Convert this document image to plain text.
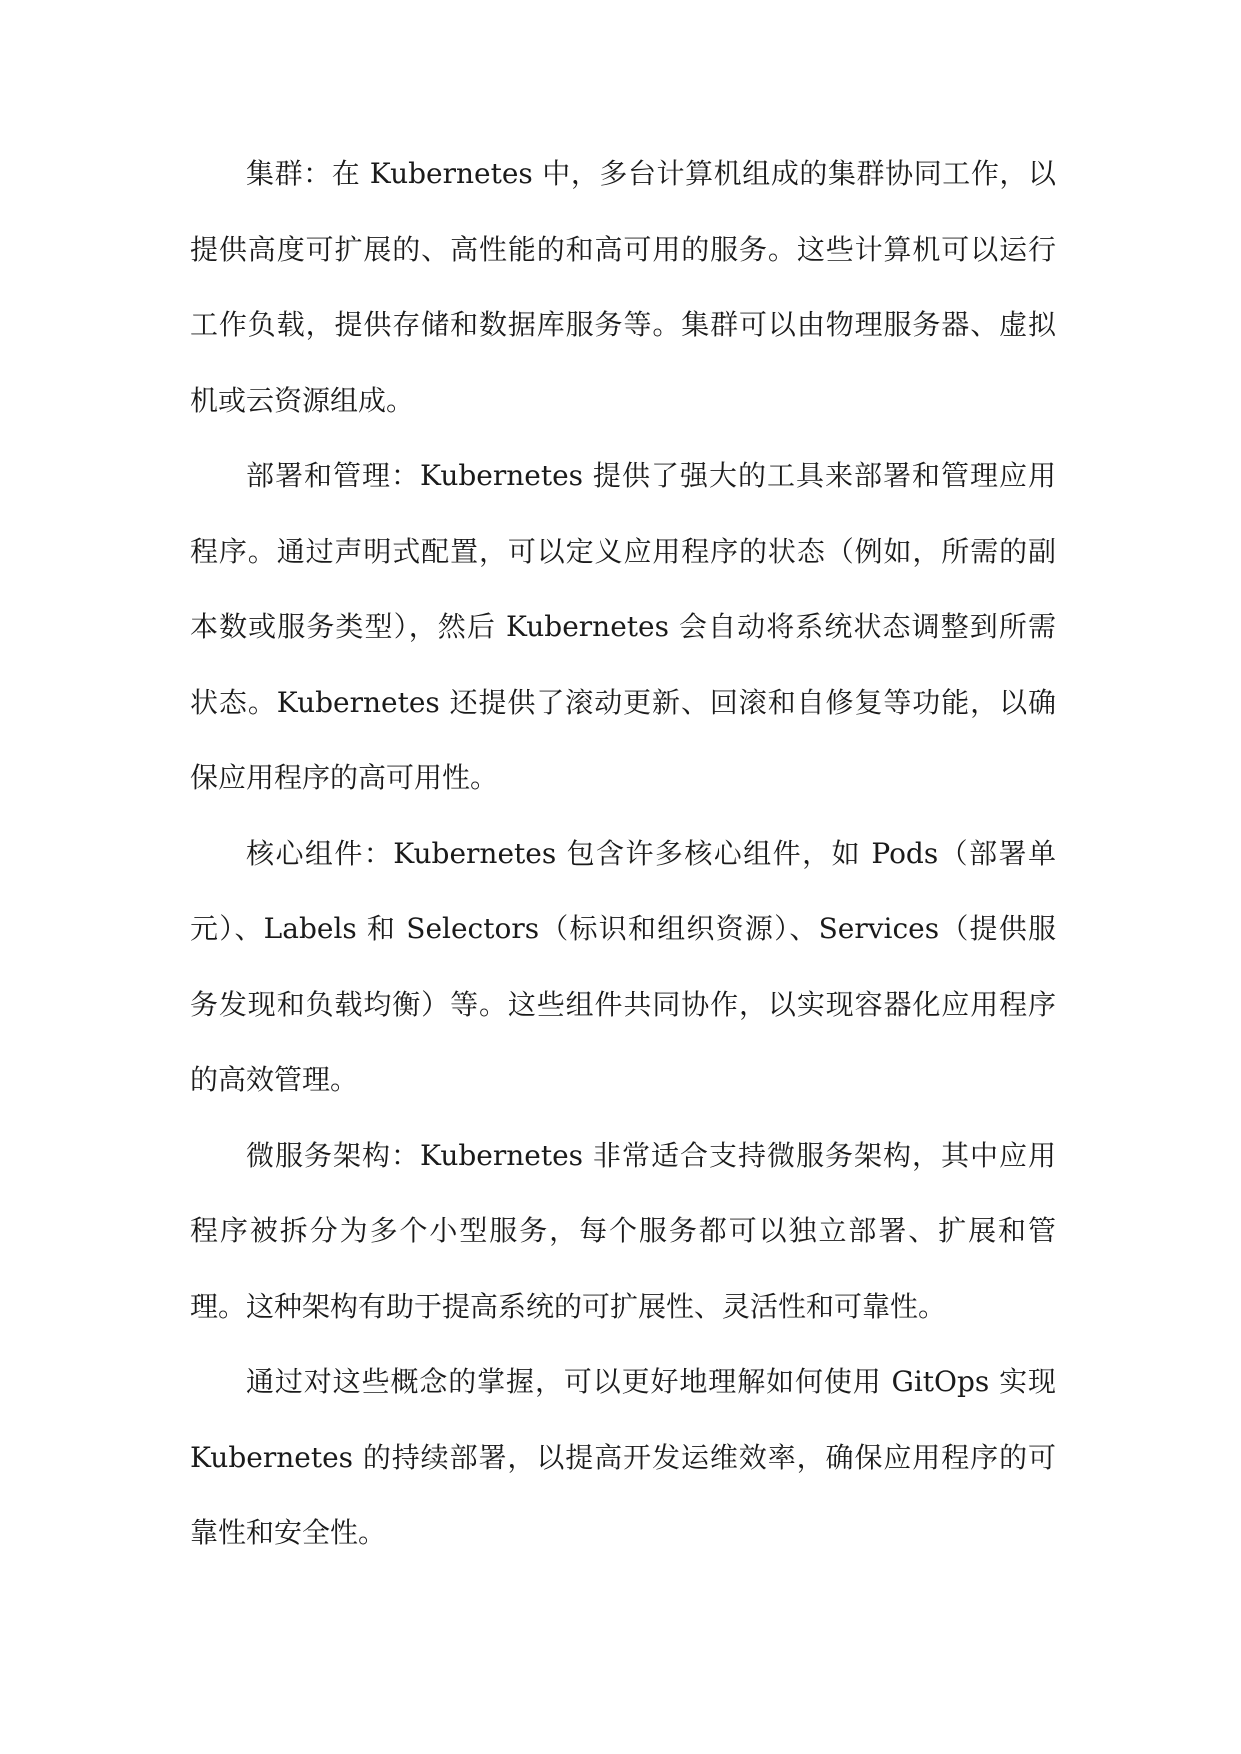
集群：在 Kubernetes 中，多台计算机组成的集群协同工作，以提供高度可扩展的、高性能的和高可用的服务。这些计算机可以运行工作负载，提供存储和数据库服务等。集群可以由物理服务器、虚拟机或云资源组成。

部署和管理：Kubernetes 提供了强大的工具来部署和管理应用程序。通过声明式配置，可以定义应用程序的状态（例如，所需的副本数或服务类型），然后 Kubernetes 会自动将系统状态调整到所需状态。Kubernetes 还提供了滚动更新、回滚和自修复等功能，以确保应用程序的高可用性。

核心组件：Kubernetes 包含许多核心组件，如 Pods（部署单元）、Labels 和 Selectors（标识和组织资源）、Services（提供服务发现和负载均衡）等。这些组件共同协作，以实现容器化应用程序的高效管理。

微服务架构：Kubernetes 非常适合支持微服务架构，其中应用程序被拆分为多个小型服务，每个服务都可以独立部署、扩展和管理。这种架构有助于提高系统的可扩展性、灵活性和可靠性。

通过对这些概念的掌握，可以更好地理解如何使用 GitOps 实现 Kubernetes 的持续部署，以提高开发运维效率，确保应用程序的可靠性和安全性。
